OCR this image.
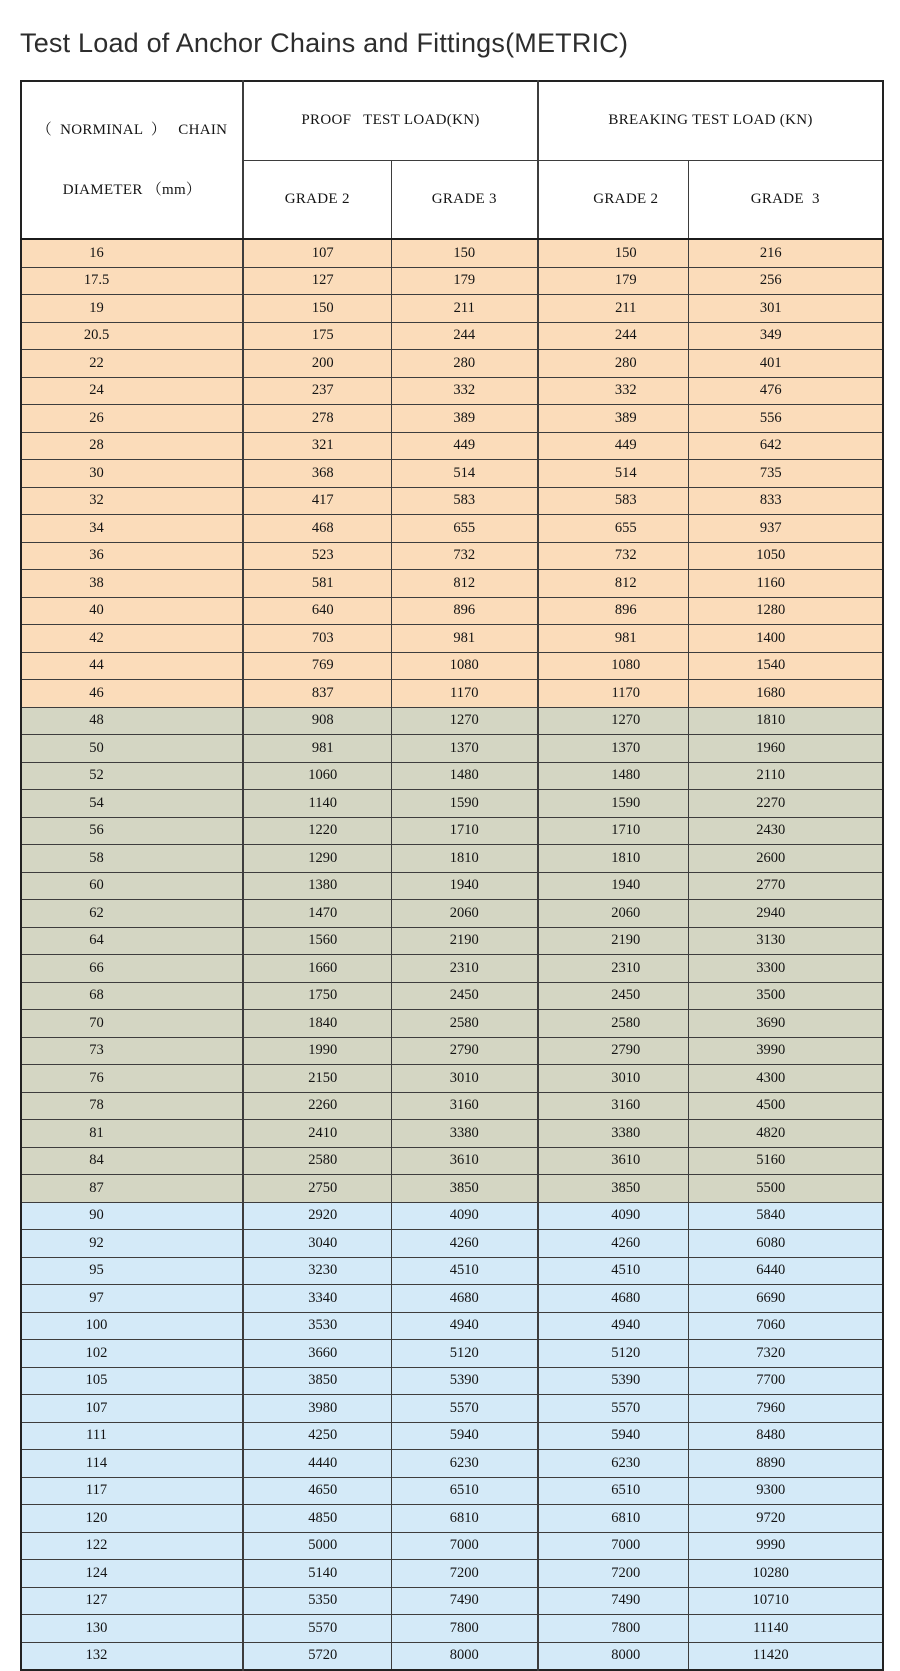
Test Load of Anchor Chains and Fittings(METRIC)

（  NORMINAL  ）   CHAIN

DIAMETER （mm）	PROOF   TEST LOAD(KN)		BREAKING TEST LOAD (KN)	
	GRADE 2	GRADE 3	GRADE 2	GRADE  3
16	107	150	150	216
17.5	127	179	179	256
19	150	211	211	301
20.5	175	244	244	349
22	200	280	280	401
24	237	332	332	476
26	278	389	389	556
28	321	449	449	642
30	368	514	514	735
32	417	583	583	833
34	468	655	655	937
36	523	732	732	1050
38	581	812	812	1160
40	640	896	896	1280
42	703	981	981	1400
44	769	1080	1080	1540
46	837	1170	1170	1680
48	908	1270	1270	1810
50	981	1370	1370	1960
52	1060	1480	1480	2110
54	1140	1590	1590	2270
56	1220	1710	1710	2430
58	1290	1810	1810	2600
60	1380	1940	1940	2770
62	1470	2060	2060	2940
64	1560	2190	2190	3130
66	1660	2310	2310	3300
68	1750	2450	2450	3500
70	1840	2580	2580	3690
73	1990	2790	2790	3990
76	2150	3010	3010	4300
78	2260	3160	3160	4500
81	2410	3380	3380	4820
84	2580	3610	3610	5160
87	2750	3850	3850	5500
90	2920	4090	4090	5840
92	3040	4260	4260	6080
95	3230	4510	4510	6440
97	3340	4680	4680	6690
100	3530	4940	4940	7060
102	3660	5120	5120	7320
105	3850	5390	5390	7700
107	3980	5570	5570	7960
111	4250	5940	5940	8480
114	4440	6230	6230	8890
117	4650	6510	6510	9300
120	4850	6810	6810	9720
122	5000	7000	7000	9990
124	5140	7200	7200	10280
127	5350	7490	7490	10710
130	5570	7800	7800	11140
132	5720	8000	8000	11420
